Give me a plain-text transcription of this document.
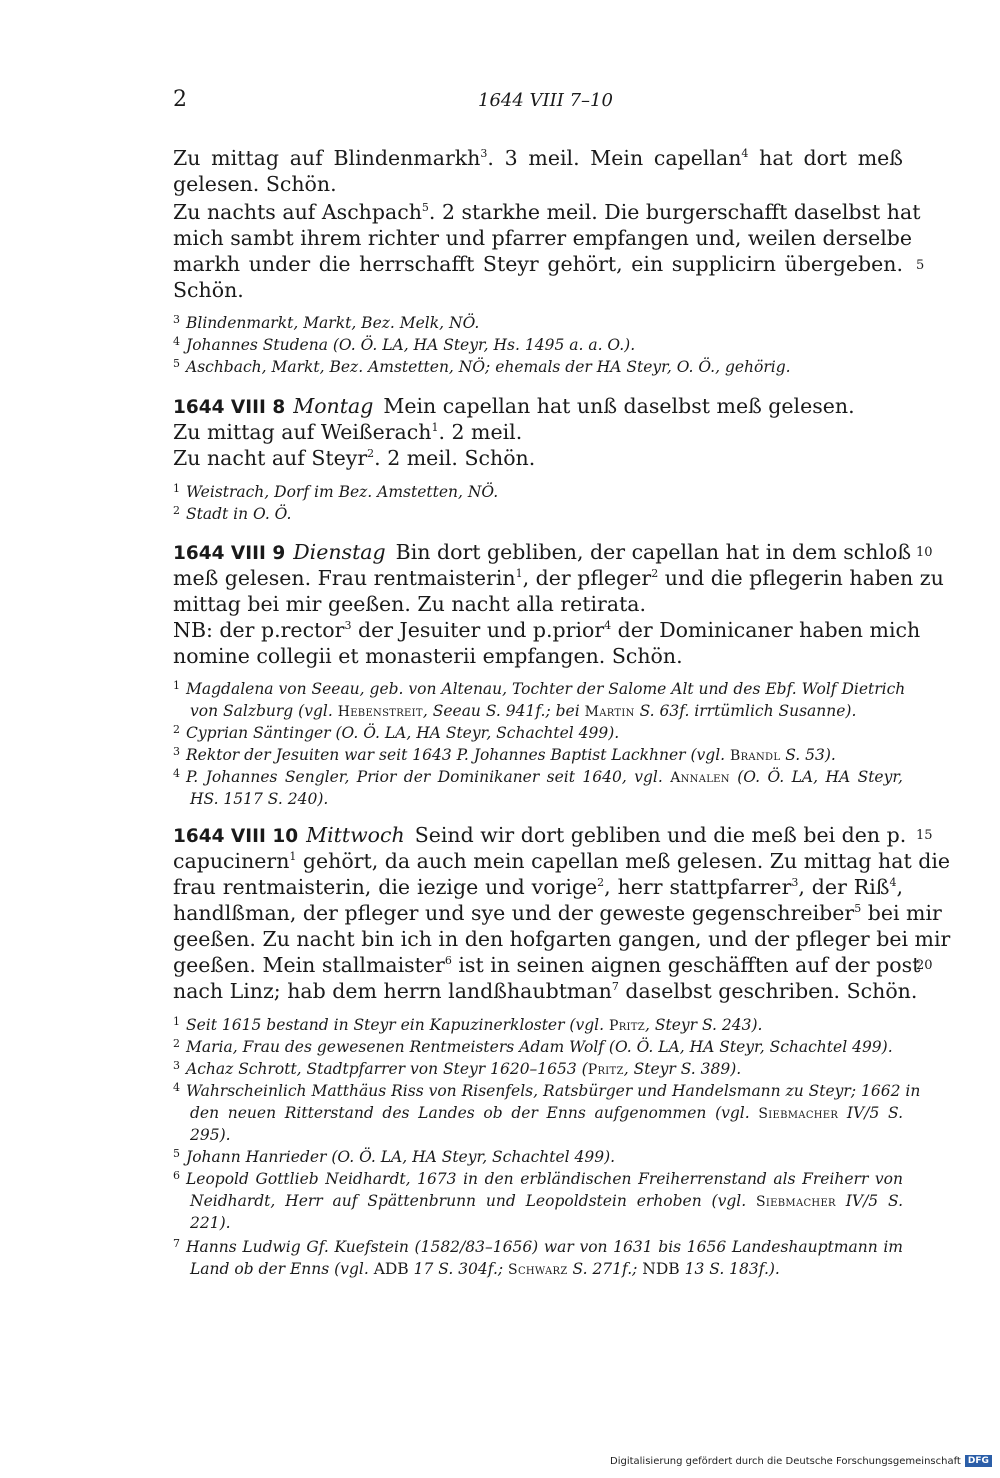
2	1644 VIII 7–10
Zu mittag auf Blindenmarkh$^3$. 3 meil. Mein capellan$^4$ hat dort meß
gelesen. Schön.
Zu nachts auf Aschpach$^5$. 2 starkhe meil. Die burgerschafft daselbst hat
mich sambt ihrem richter und pfarrer empfangen und, weilen derselbe
markh under die herrschafft Steyr gehört, ein supplicirn übergeben.
Schön.
5
$^3$ Blindenmarkt, Markt, Bez. Melk, NÖ.
$^4$ Johannes Studena (O. Ö. LA, HA Steyr, Hs. 1495 a. a. O.).
$^5$ Aschbach, Markt, Bez. Amstetten, NÖ; ehemals der HA Steyr, O. Ö., gehörig.
1644 VIII 8 Montag Mein capellan hat unß daselbst meß gelesen.
Zu mittag auf Weißerach$^1$. 2 meil.
Zu nacht auf Steyr$^2$. 2 meil. Schön.
$^1$ Weistrach, Dorf im Bez. Amstetten, NÖ.
$^2$ Stadt in O. Ö.
1644 VIII 9 Dienstag Bin dort gebliben, der capellan hat in dem schloß 10
meß gelesen. Frau rentmaisterin$^1$, der pfleger$^2$ und die pflegerin haben zu
mittag bei mir geeßen. Zu nacht alla retirata.
NB: der p.rector$^3$ der Jesuiter und p.prior$^4$ der Dominicaner haben mich
nomine collegii et monasterii empfangen. Schön.
$^1$ Magdalena von Seeau, geb. von Altenau, Tochter der Salome Alt und des Ebf. Wolf Dietrich
von Salzburg (vgl. Hebenstreit, Seeau S. 941f.; bei Martin S. 63f. irrtümlich Susanne).
$^2$ Cyprian Säntinger (O. Ö. LA, HA Steyr, Schachtel 499).
$^3$ Rektor der Jesuiten war seit 1643 P. Johannes Baptist Lackhner (vgl. Brandl S. 53).
$^4$ P. Johannes Sengler, Prior der Dominikaner seit 1640, vgl. Annalen (O. Ö. LA, HA Steyr,
HS. 1517 S. 240).
1644 VIII 10 Mittwoch Seind wir dort gebliben und die meß bei den p. 15
capucinern$^1$ gehört, da auch mein capellan meß gelesen. Zu mittag hat die
frau rentmaisterin, die iezige und vorige$^2$, herr stattpfarrer$^3$, der Riß$^4$,
handlßman, der pfleger und sye und der geweste gegenschreiber$^5$ bei mir
geeßen. Zu nacht bin ich in den hofgarten gangen, und der pfleger bei mir
geeßen. Mein stallmaister$^6$ ist in seinen aignen geschäfften auf der post
20
nach Linz; hab dem herrn landßhaubtman$^7$ daselbst geschriben. Schön.
$^1$ Seit 1615 bestand in Steyr ein Kapuzinerkloster (vgl. Pritz, Steyr S. 243).
$^2$ Maria, Frau des gewesenen Rentmeisters Adam Wolf (O. Ö. LA, HA Steyr, Schachtel 499).
$^3$ Achaz Schrott, Stadtpfarrer von Steyr 1620–1653 (Pritz, Steyr S. 389).
$^4$ Wahrscheinlich Matthäus Riss von Risenfels, Ratsbürger und Handelsmann zu Steyr; 1662 in
den neuen Ritterstand des Landes ob der Enns aufgenommen (vgl. Siebmacher IV/5 S.
295).
$^5$ Johann Hanrieder (O. Ö. LA, HA Steyr, Schachtel 499).
$^6$ Leopold Gottlieb Neidhardt, 1673 in den erbländischen Freiherrenstand als Freiherr von
Neidhardt, Herr auf Spättenbrunn und Leopoldstein erhoben (vgl. Siebmacher IV/5 S.
221).
$^7$ Hanns Ludwig Gf. Kuefstein (1582/83–1656) war von 1631 bis 1656 Landeshauptmann im
Land ob der Enns (vgl. ADB 17 S. 304f.; Schwarz S. 271f.; NDB 13 S. 183f.).
Digitalisierung gefördert durch die Deutsche Forschungsgemeinschaft DFG
